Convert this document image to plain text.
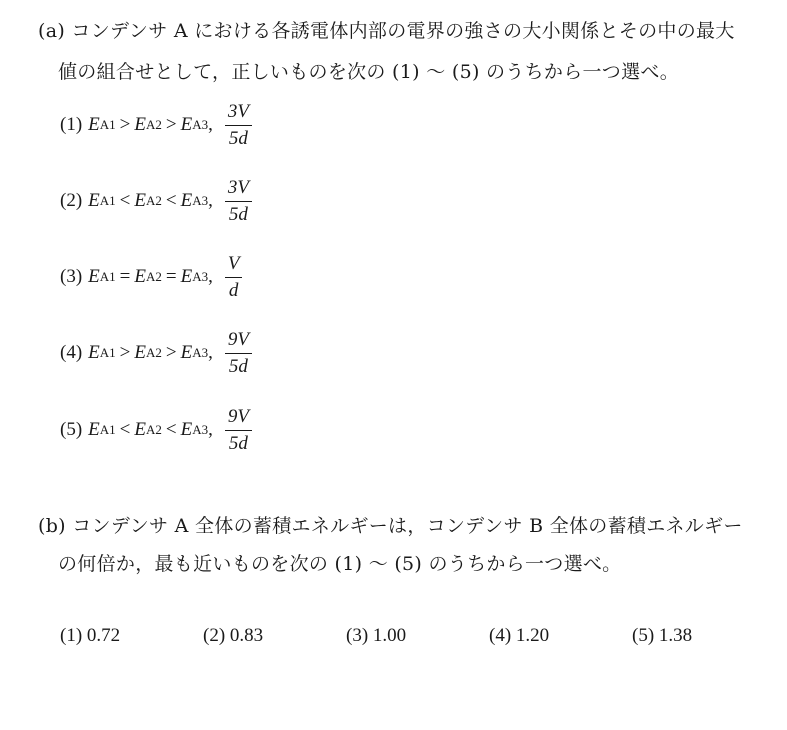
(a) コンデンサ A における各誘電体内部の電界の強さの大小関係とその中の最大
値の組合せとして，正しいものを次の (1) ～ (5) のうちから一つ選べ。
(1) E A1 > E A2 > E A3 , $\frac{3V}{5d}$
(2) E A1 < E A2 < E A3 , $\frac{3V}{5d}$
(3) E A1 = E A2 = E A3 , $\frac{V}{d}$
(4) E A1 > E A2 > E A3 , $\frac{9V}{5d}$
(5) E A1 < E A2 < E A3 , $\frac{9V}{5d}$
(b) コンデンサ A 全体の蓄積エネルギーは，コンデンサ B 全体の蓄積エネルギー
の何倍か，最も近いものを次の (1) ～ (5) のうちから一つ選べ。
(1) 0.72	(2) 0.83	(3) 1.00	(4) 1.20	(5) 1.38
